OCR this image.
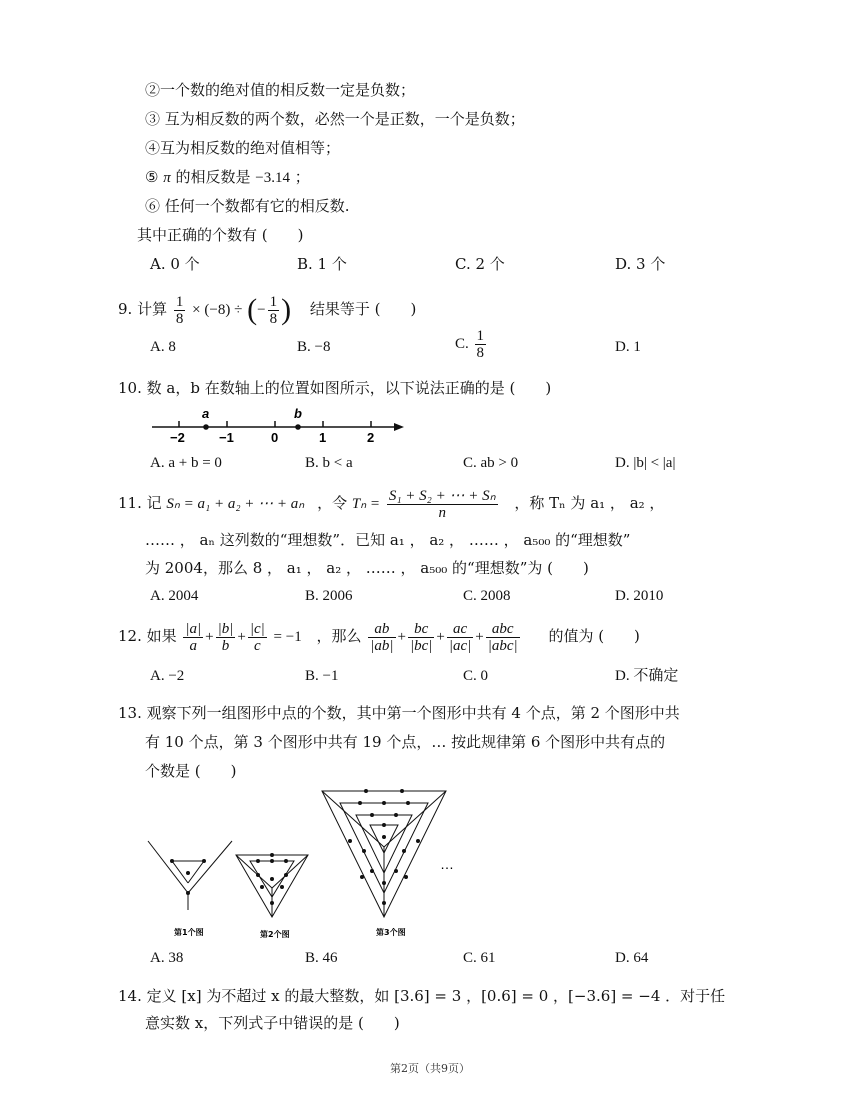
②一个数的绝对值的相反数一定是负数；
③ 互为相反数的两个数，必然一个是正数，一个是负数；
④互为相反数的绝对值相等；
⑤ π 的相反数是 −3.14 ；
⑥ 任何一个数都有它的相反数.
其中正确的个数有 (　　)
A. 0 个	B. 1 个	C. 2 个	D. 3 个
9. 计算 $\frac{1}{8} \times (-8)$ ÷ (− $\frac{1}{8}$ ) 结果等于 (　　)
A. 8	B. −8	C. $\frac{1}{8}$	D. 1
10. 数 a，b 在数轴上的位置如图所示，以下说法正确的是 (　　)
a	b
−2	−1	0	1	2
A. a + b = 0	B. b < a	C. ab > 0	D. |b| < |a|
11. 记 Sₙ = a₁ + a₂ + ⋯ + aₙ ，令 $T_n = \frac{\text{S₁ + S₂ + ⋯ + Sₙ}}{n}$ ，称 Tₙ 为 a₁ ， a₂ ，
…… ， aₙ 这列数的“理想数”．已知 a₁ ， a₂ ， …… ， a₅₀₀ 的“理想数”
为 2004，那么 8 ， a₁ ， a₂ ， …… ， a₅₀₀ 的“理想数”为 (　　)
A. 2004	B. 2006	C. 2008	D. 2010
12. 如果 $\frac{|a|}{a} + \frac{|b|}{b} + \frac{|c|}{c} = -1$ ，那么 $\frac{ab}{|ab|} + \frac{bc}{|bc|} + \frac{ac}{|ac|} + \frac{\text{abc}}{\text{|abc|}}$ 的值为 (　　)
A. −2	B. −1	C. 0	D. 不确定
13. 观察下列一组图形中点的个数，其中第一个图形中共有 4 个点，第 2 个图形中共
有 10 个点，第 3 个图形中共有 19 个点，… 按此规律第 6 个图形中共有点的
个数是 (　　)
第1个图	第2个图	第3个图
…
A. 38	B. 46	C. 61	D. 64
14. 定义 [x] 为不超过 x 的最大整数，如 [3.6] = 3 ，[0.6] = 0 ，[−3.6] = −4 ．对于任
意实数 x，下列式子中错误的是 (　　)
第2页（共9页）
